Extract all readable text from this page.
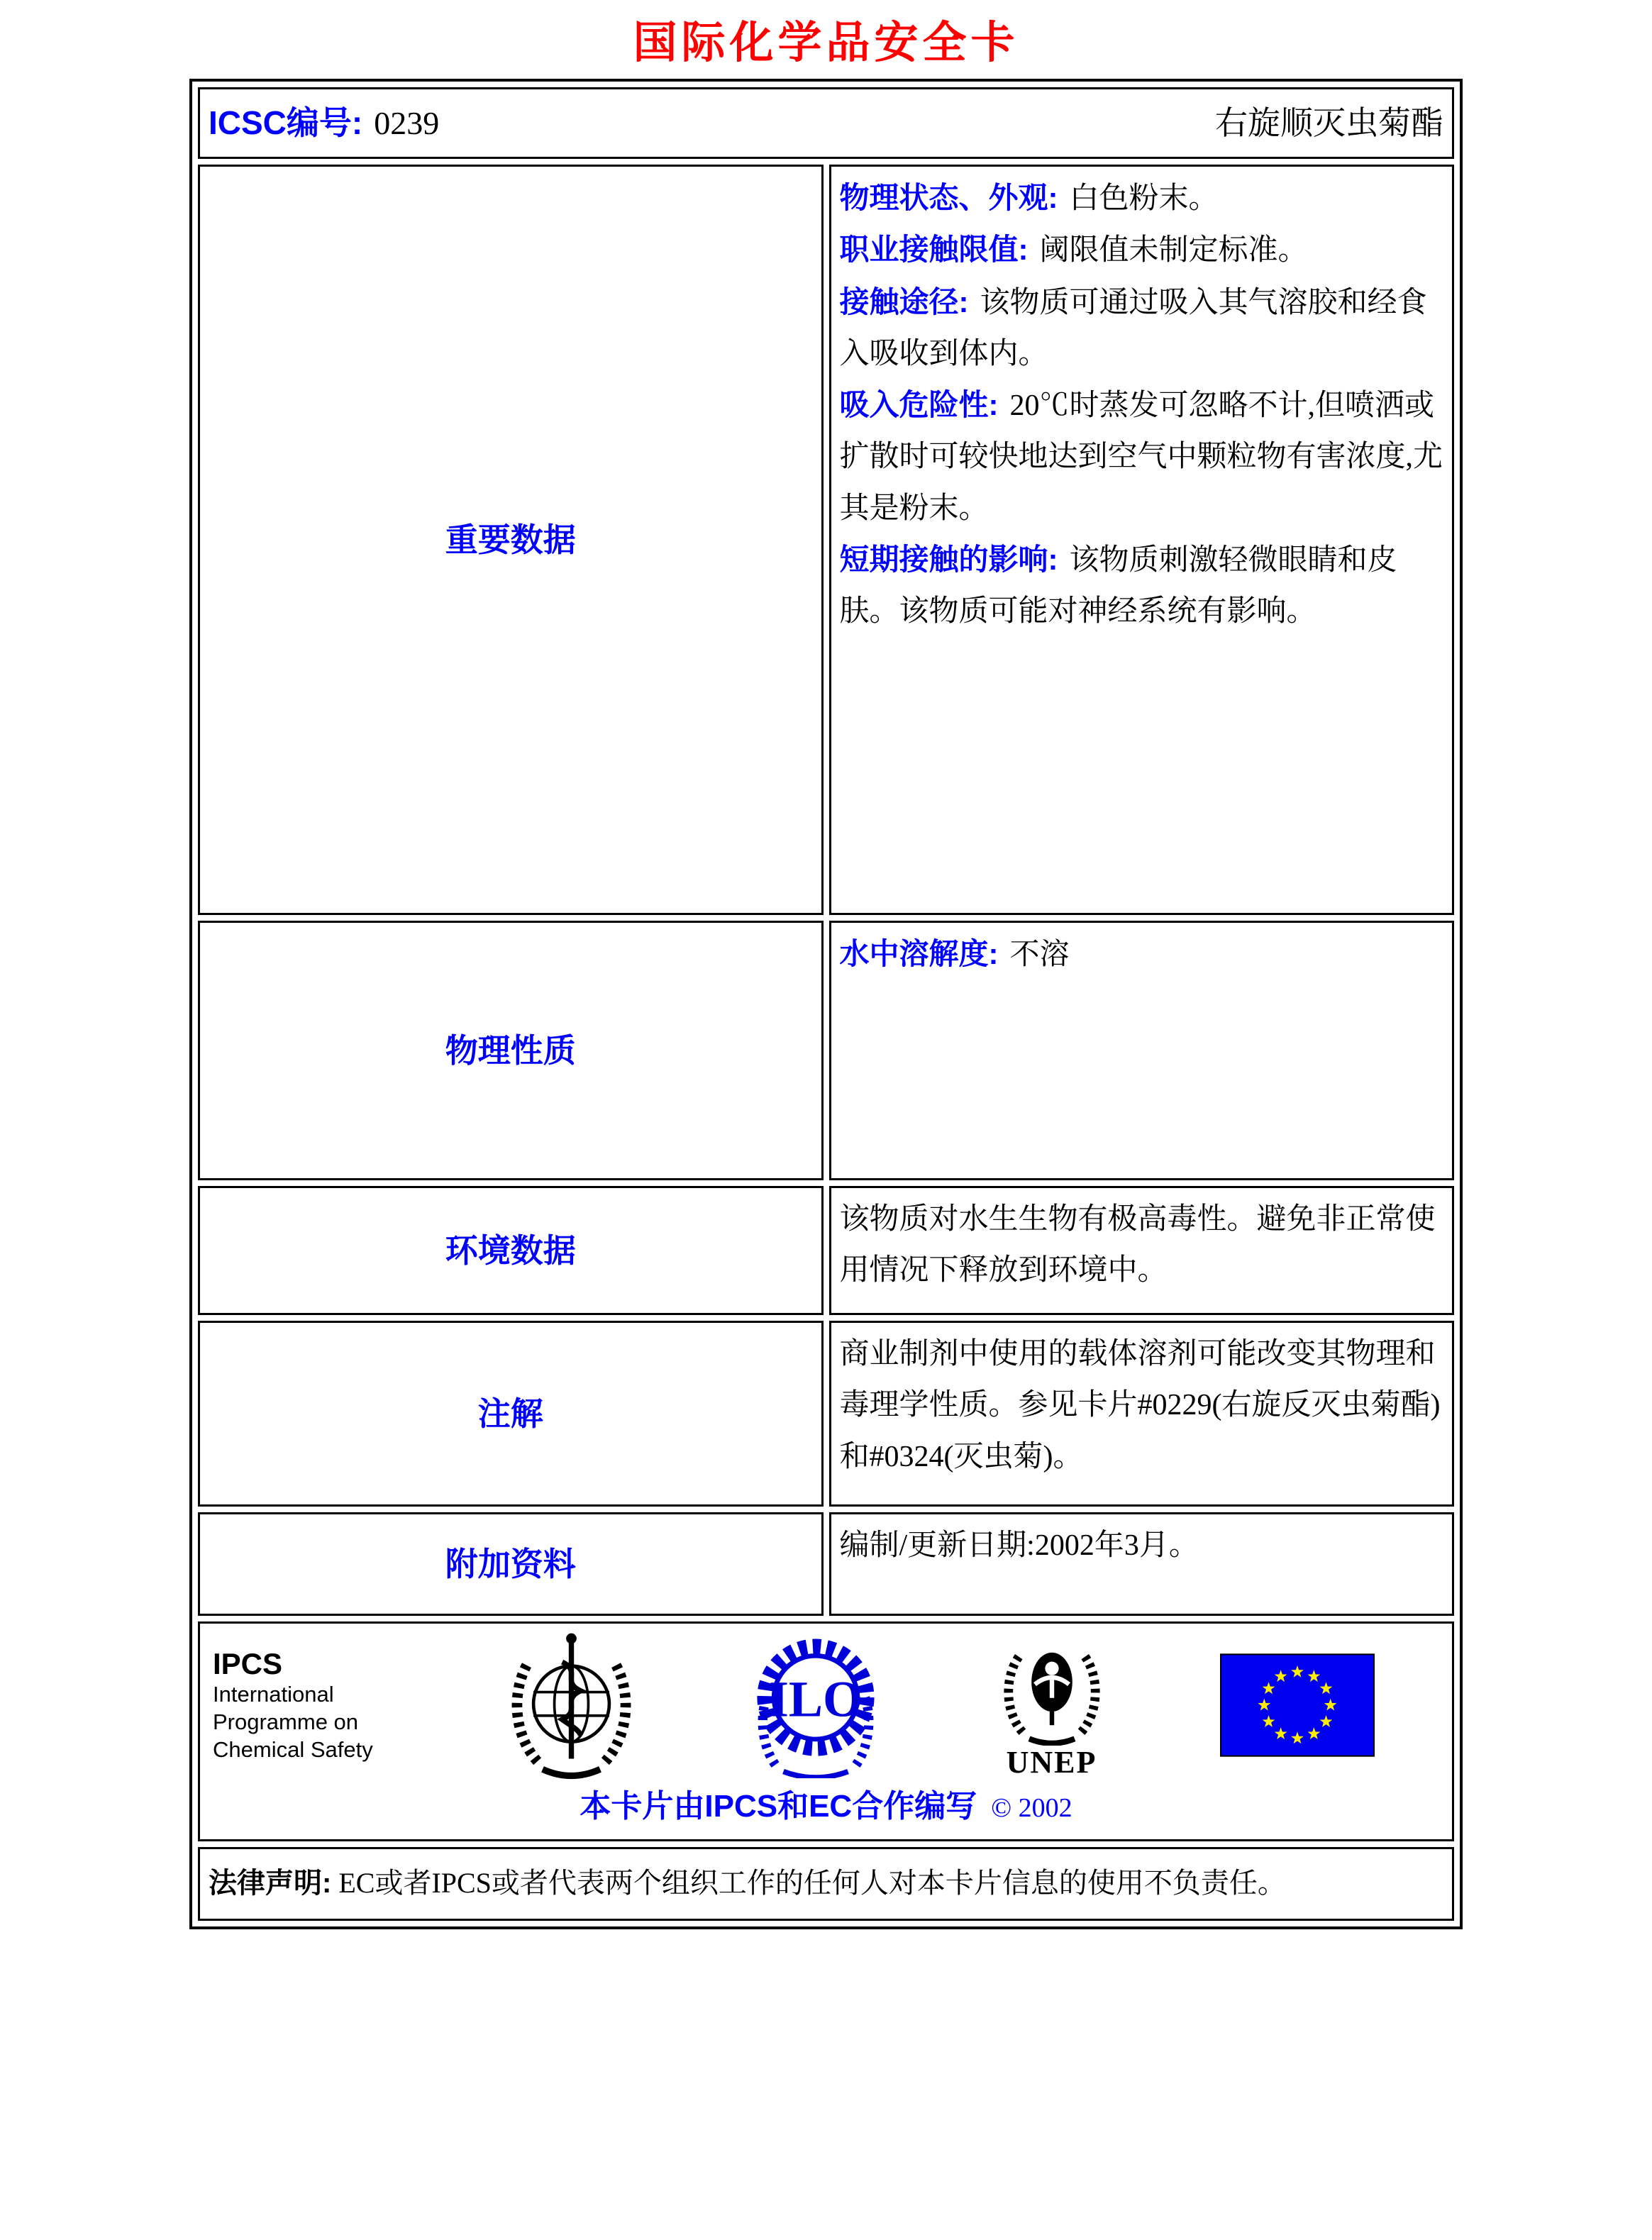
国际化学品安全卡
ICSC编号: 0239 右旋顺灭虫菊酯	

重要数据	物理状态、外观: 白色粉末。

职业接触限值: 阈限值未制定标准。

接触途径: 该物质可通过吸入其气溶胶和经食入吸收到体内。

吸入危险性: 20℃时蒸发可忽略不计,但喷洒或扩散时可较快地达到空气中颗粒物有害浓度,尤其是粉末。

短期接触的影响: 该物质刺激轻微眼睛和皮肤。该物质可能对神经系统有影响。

物理性质	水中溶解度: 不溶

环境数据	该物质对水生生物有极高毒性。避免非正常使用情况下释放到环境中。

注解	商业制剂中使用的载体溶剂可能改变其物理和毒理学性质。参见卡片#0229(右旋反灭虫菊酯)和#0324(灭虫菊)。

附加资料	编制/更新日期:2002年3月。

IPCS
International
Programme on
Chemical Safety
ILO
UNEP
本卡片由IPCS和EC合作编写 © 2002

法律声明: EC或者IPCS或者代表两个组织工作的任何人对本卡片信息的使用不负责任。	
